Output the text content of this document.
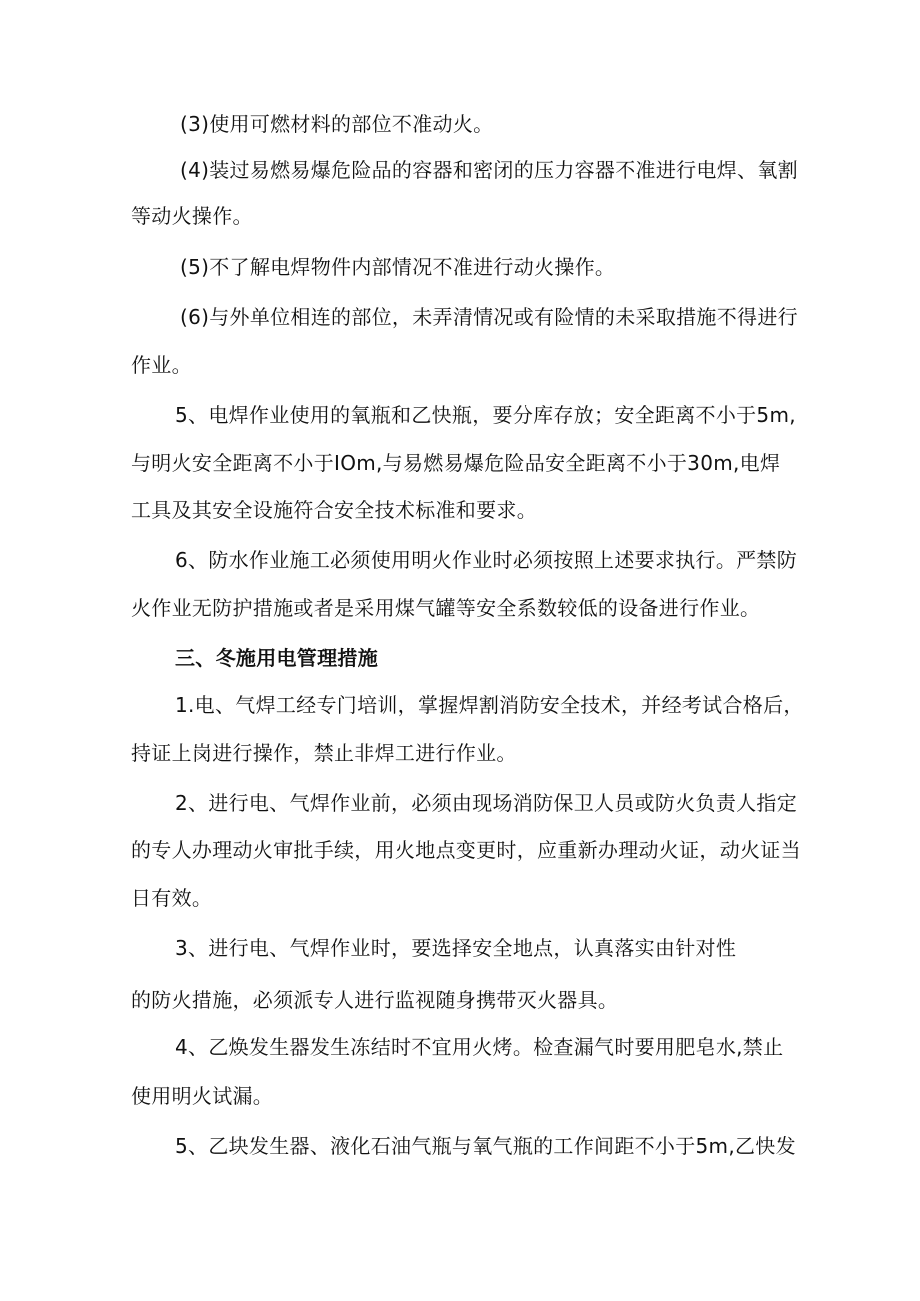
(3)使用可燃材料的部位不准动火。
(4)装过易燃易爆危险品的容器和密闭的压力容器不准进行电焊、氧割
等动火操作。
(5)不了解电焊物件内部情况不准进行动火操作。
(6)与外单位相连的部位，未弄清情况或有险情的未采取措施不得进行
作业。
5、电焊作业使用的氧瓶和乙快瓶，要分库存放；安全距离不小于5m,
与明火安全距离不小于IOm,与易燃易爆危险品安全距离不小于30m,电焊
工具及其安全设施符合安全技术标准和要求。
6、防水作业施工必须使用明火作业时必须按照上述要求执行。严禁防
火作业无防护措施或者是采用煤气罐等安全系数较低的设备进行作业。
三、冬施用电管理措施
1.电、气焊工经专门培训，掌握焊割消防安全技术，并经考试合格后，
持证上岗进行操作，禁止非焊工进行作业。
2、进行电、气焊作业前，必须由现场消防保卫人员或防火负责人指定
的专人办理动火审批手续，用火地点变更时，应重新办理动火证，动火证当
日有效。
3、进行电、气焊作业时，要选择安全地点，认真落实由针对性
的防火措施，必须派专人进行监视随身携带灭火器具。
4、乙焕发生器发生冻结时不宜用火烤。检查漏气时要用肥皂水,禁止
使用明火试漏。
5、乙块发生器、液化石油气瓶与氧气瓶的工作间距不小于5m,乙快发
